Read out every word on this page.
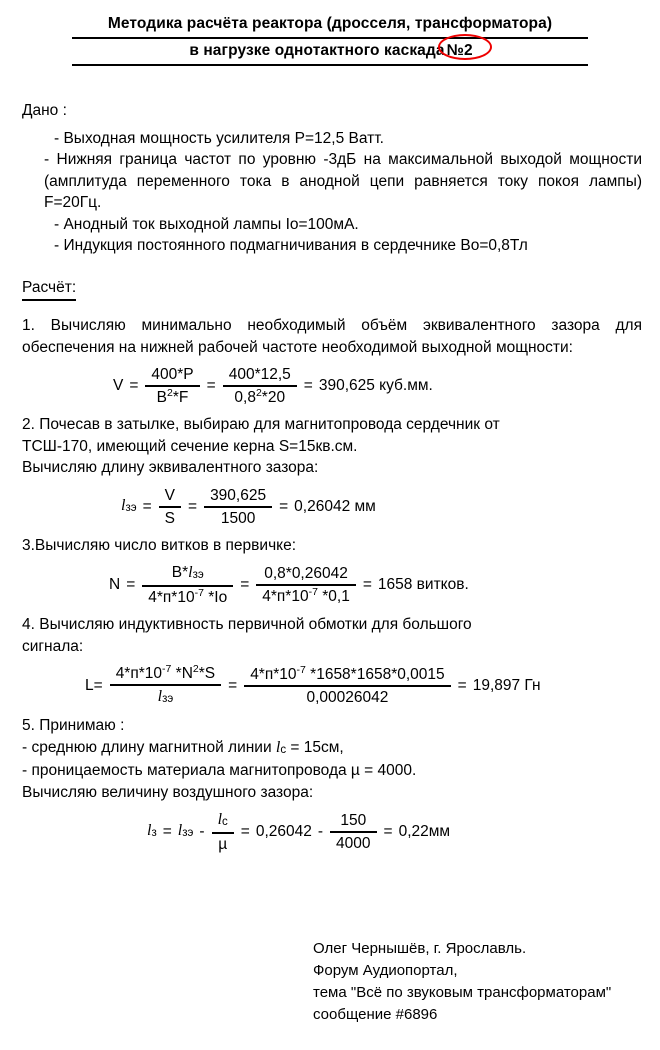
Методика расчёта реактора (дросселя, трансформатора)
в нагрузке однотактного каскада
№2
Дано :

- Выходная мощность усилителя Р=12,5 Ватт.

- Нижняя граница частот по уровню -3дБ на максимальной выходой мощности (амплитуда переменного тока в анодной цепи равняется току покоя лампы) F=20Гц.

- Анодный ток выходной лампы Io=100мА.

- Индукция постоянного подмагничивания в сердечнике Во=0,8Тл

Расчёт:

1. Вычисляю минимально необходимый объём эквивалентного зазора для обеспечения на нижней рабочей частоте необходимой выходной мощности:

$V = \frac{400*P}{B^2*F} = \frac{400*12,5}{0,8^2*20} = 390,625$ куб.мм.

2. Почесав в затылке, выбираю для магнитопровода сердечник от

ТСШ-170, имеющий сечение керна S=15кв.см.

Вычисляю длину эквивалентного зазора:

lзэ = $\frac{V}{S} = \frac{390,625}{1500} = 0,26042$ мм

3.Вычисляю число витков в первичке:

$N = \frac{\text{B*lзэ}}{4*п*10^{-7} *Io} = \frac{0,8*0,26042}{4*п*10^{-7} *0,1} = 1658$ витков.

4. Вычисляю индуктивность первичной обмотки для большого

сигнала:

$L= \frac{4*п*10^{-7} *N^2*S}{\text{lзэ}} = \frac{4*п*10^{-7} *1658*1658*0,0015}{0,00026042} = 19,897$ Гн

5. Принимаю :

- среднюю длину магнитной линии lс = 15см,

- проницаемость материала магнитопровода µ = 4000.

Вычисляю величину воздушного зазора:

lз = lзэ - $\frac{lс}{\text{µ}} = 0,26042 - \frac{150}{4000} = 0,22мм$
Олег Чернышёв, г. Ярославль.
Форум Аудиопортал,
тема "Всё по звуковым трансформаторам"
сообщение #6896
